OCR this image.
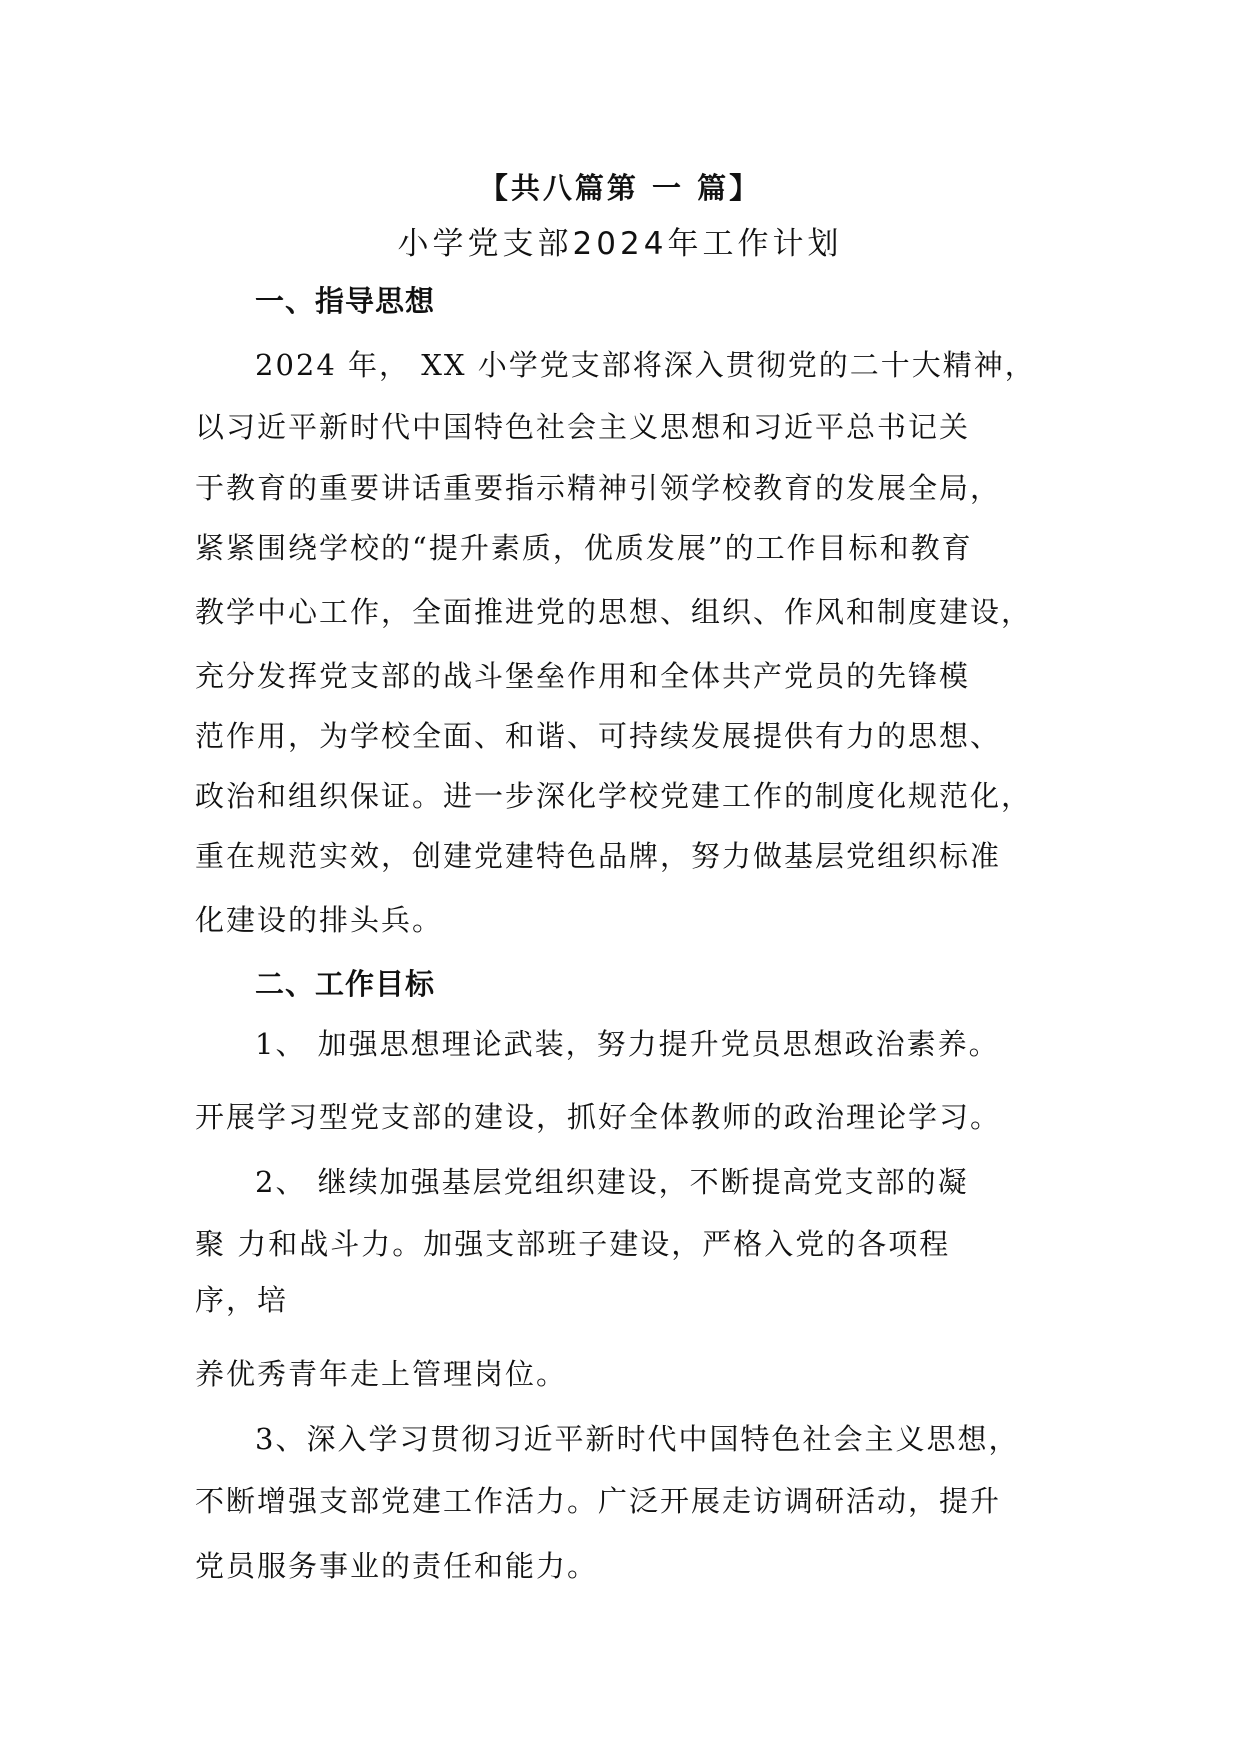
【共八篇第 一 篇】
小学党支部2024年工作计划
一、指导思想
2024 年， XX 小学党支部将深入贯彻党的二十大精神，
以习近平新时代中国特色社会主义思想和习近平总书记关
于教育的重要讲话重要指示精神引领学校教育的发展全局，
紧紧围绕学校的“提升素质，优质发展”的工作目标和教育
教学中心工作，全面推进党的思想、组织、作风和制度建设，
充分发挥党支部的战斗堡垒作用和全体共产党员的先锋模
范作用，为学校全面、和谐、可持续发展提供有力的思想、
政治和组织保证。进一步深化学校党建工作的制度化规范化，
重在规范实效，创建党建特色品牌，努力做基层党组织标准
化建设的排头兵。
二、工作目标
1、 加强思想理论武装，努力提升党员思想政治素养。
开展学习型党支部的建设，抓好全体教师的政治理论学习。
2、 继续加强基层党组织建设，不断提高党支部的凝
聚 力和战斗力。加强支部班子建设，严格入党的各项程
序，培
养优秀青年走上管理岗位。
3、深入学习贯彻习近平新时代中国特色社会主义思想，
不断增强支部党建工作活力。广泛开展走访调研活动，提升
党员服务事业的责任和能力。
